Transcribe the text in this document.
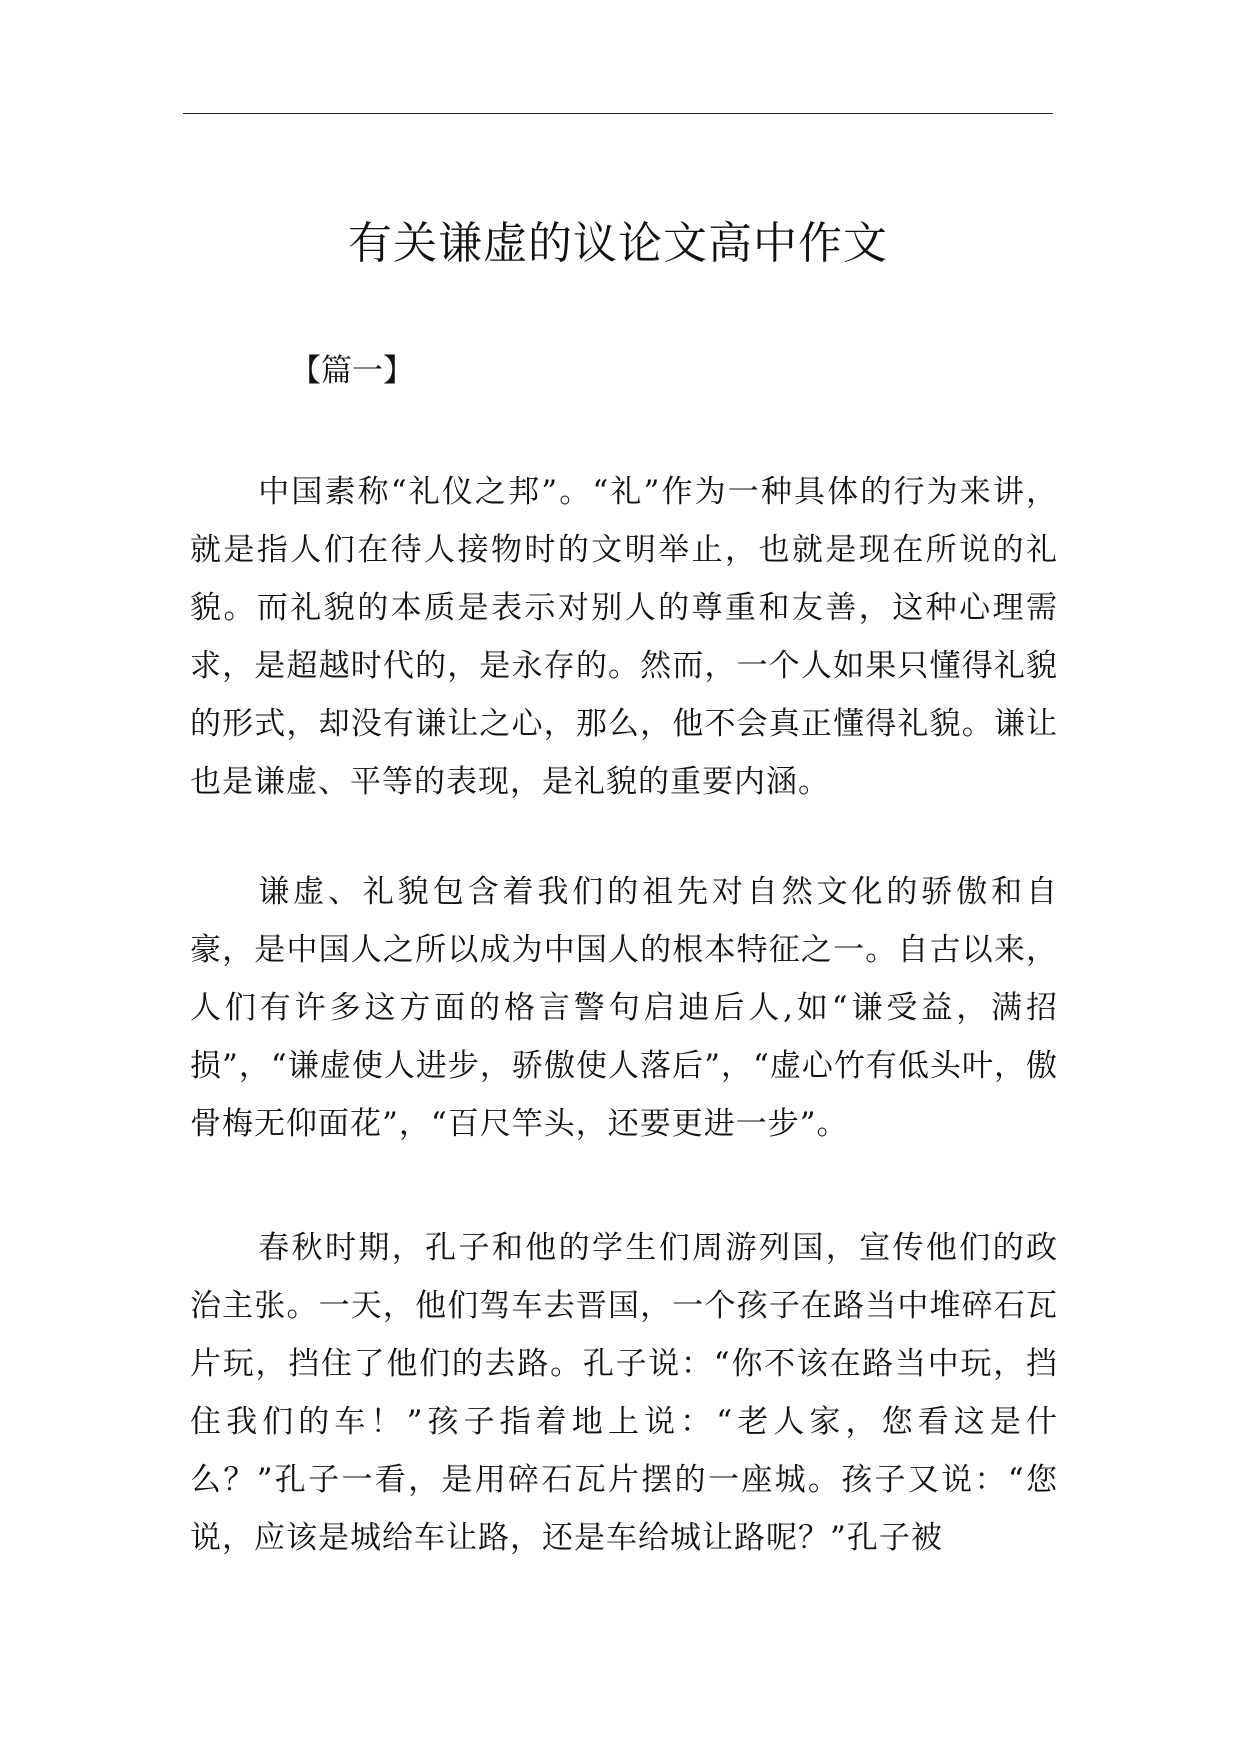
有关谦虚的议论文高中作文

【篇一】

中国素称“礼仪之邦”。“礼”作为一种具体的行为来讲，就是指人们在待人接物时的文明举止，也就是现在所说的礼貌。而礼貌的本质是表示对别人的尊重和友善，这种心理需求，是超越时代的，是永存的。然而，一个人如果只懂得礼貌的形式，却没有谦让之心，那么，他不会真正懂得礼貌。谦让也是谦虚、平等的表现，是礼貌的重要内涵。

谦虚、礼貌包含着我们的祖先对自然文化的骄傲和自豪，是中国人之所以成为中国人的根本特征之一。自古以来，人们有许多这方面的格言警句启迪后人,如“谦受益，满招损”，“谦虚使人进步，骄傲使人落后”，“虚心竹有低头叶，傲骨梅无仰面花”，“百尺竿头，还要更进一步”。

春秋时期，孔子和他的学生们周游列国，宣传他们的政治主张。一天，他们驾车去晋国，一个孩子在路当中堆碎石瓦片玩，挡住了他们的去路。孔子说：“你不该在路当中玩，挡住我们的车！”孩子指着地上说：“老人家，您看这是什么？”孔子一看，是用碎石瓦片摆的一座城。孩子又说：“您说，应该是城给车让路，还是车给城让路呢？”孔子被
